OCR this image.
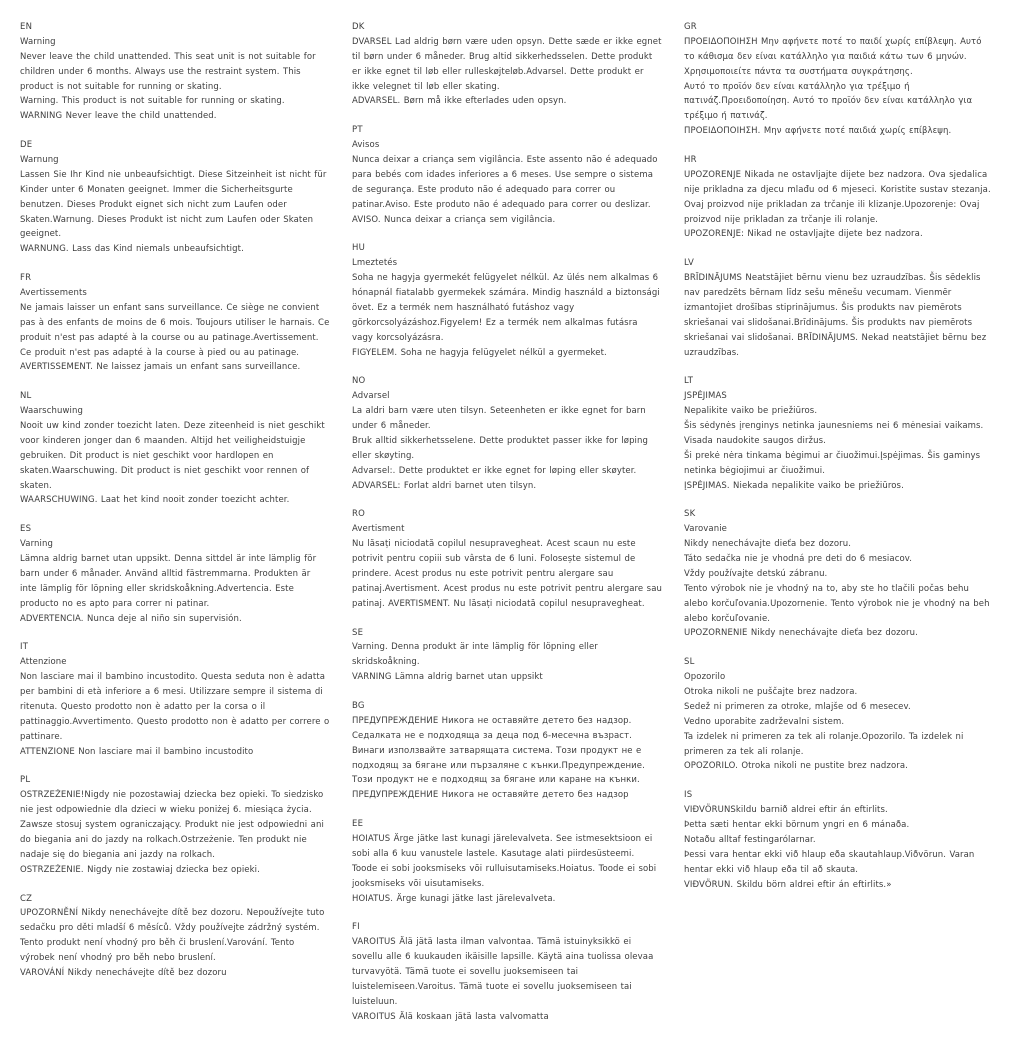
EN

Warning

Never leave the child unattended. This seat unit is not suitable for children under 6 months. Always use the restraint system. This product is not suitable for running or skating.

Warning. This product is not suitable for running or skating.

WARNING Never leave the child unattended.

DE

Warnung

Lassen Sie Ihr Kind nie unbeaufsichtigt. Diese Sitzeinheit ist nicht für Kinder unter 6 Monaten geeignet. Immer die Sicherheitsgurte benutzen. Dieses Produkt eignet sich nicht zum Laufen oder Skaten.Warnung. Dieses Produkt ist nicht zum Laufen oder Skaten geeignet.

WARNUNG. Lass das Kind niemals unbeaufsichtigt.

FR

Avertissements

Ne jamais laisser un enfant sans surveillance. Ce siège ne convient pas à des enfants de moins de 6 mois. Toujours utiliser le harnais. Ce produit n'est pas adapté à la course ou au patinage.Avertissement. Ce produit n'est pas adapté à la course à pied ou au patinage.

AVERTISSEMENT. Ne laissez jamais un enfant sans surveillance.

NL

Waarschuwing

Nooit uw kind zonder toezicht laten. Deze ziteenheid is niet geschikt voor kinderen jonger dan 6 maanden. Altijd het veiligheidstuigje gebruiken. Dit product is niet geschikt voor hardlopen en skaten.Waarschuwing. Dit product is niet geschikt voor rennen of skaten.

WAARSCHUWING. Laat het kind nooit zonder toezicht achter.

ES

Varning

Lämna aldrig barnet utan uppsikt. Denna sittdel är inte lämplig för barn under 6 månader. Använd alltid fästremmarna. Produkten är inte lämplig för löpning eller skridskoåkning.Advertencia. Este producto no es apto para correr ni patinar.

ADVERTENCIA. Nunca deje al niño sin supervisión.

IT

Attenzione

Non lasciare mai il bambino incustodito. Questa seduta non è adatta per bambini di età inferiore a 6 mesi. Utilizzare sempre il sistema di ritenuta. Questo prodotto non è adatto per la corsa o il pattinaggio.Avvertimento. Questo prodotto non è adatto per correre o pattinare.

ATTENZIONE Non lasciare mai il bambino incustodito

PL

OSTRZEŻENIE!Nigdy nie pozostawiaj dziecka bez opieki. To siedzisko nie jest odpowiednie dla dzieci w wieku poniżej 6. miesiąca życia. Zawsze stosuj system ograniczający. Produkt nie jest odpowiedni ani do biegania ani do jazdy na rolkach.Ostrzeżenie. Ten produkt nie nadaje się do biegania ani jazdy na rolkach.

OSTRZEŻENIE. Nigdy nie zostawiaj dziecka bez opieki.

CZ

UPOZORNĚNÍ Nikdy nenechávejte dítě bez dozoru. Nepoužívejte tuto sedačku pro děti mladší 6 měsíců. Vždy používejte zádržný systém. Tento produkt není vhodný pro běh či bruslení.Varování. Tento výrobek není vhodný pro běh nebo bruslení.

VAROVÁNÍ Nikdy nenechávejte dítě bez dozoru

DK

DVARSEL Lad aldrig børn være uden opsyn. Dette sæde er ikke egnet til børn under 6 måneder. Brug altid sikkerhedsselen. Dette produkt er ikke egnet til løb eller rulleskøjteløb.Advarsel. Dette produkt er ikke velegnet til løb eller skating.

ADVARSEL. Børn må ikke efterlades uden opsyn.

PT

Avisos

Nunca deixar a criança sem vigilância. Este assento não é adequado para bebés com idades inferiores a 6 meses. Use sempre o sistema de segurança. Este produto não é adequado para correr ou patinar.Aviso. Este produto não é adequado para correr ou deslizar.

AVISO. Nunca deixar a criança sem vigilância.

HU

Lmeztetés

Soha ne hagyja gyermekét felügyelet nélkül. Az ülés nem alkalmas 6 hónapnál fiatalabb gyermekek számára. Mindig használd a biztonsági övet. Ez a termék nem használható futáshoz vagy görkorcsolyázáshoz.Figyelem! Ez a termék nem alkalmas futásra vagy korcsolyázásra.

FIGYELEM. Soha ne hagyja felügyelet nélkül a gyermeket.

NO

Advarsel

La aldri barn være uten tilsyn. Seteenheten er ikke egnet for barn under 6 måneder.

Bruk alltid sikkerhetsselene. Dette produktet passer ikke for løping eller skøyting.

Advarsel:. Dette produktet er ikke egnet for løping eller skøyter.

ADVARSEL: Forlat aldri barnet uten tilsyn.

RO

Avertisment

Nu lăsați niciodată copilul nesupravegheat. Acest scaun nu este potrivit pentru copiii sub vârsta de 6 luni. Folosește sistemul de prindere. Acest produs nu este potrivit pentru alergare sau patinaj.Avertisment. Acest produs nu este potrivit pentru alergare sau patinaj. AVERTISMENT. Nu lăsați niciodată copilul nesupravegheat.

SE

Varning. Denna produkt är inte lämplig för löpning eller skridskoåkning.

VARNING Lämna aldrig barnet utan uppsikt

BG

ПРЕДУПРЕЖДЕНИЕ Никога не оставяйте детето без надзор. Седалката не е подходяща за деца под 6-месечна възраст. Винаги използвайте затварящата система. Този продукт не е подходящ за бягане или пързаляне с кънки.Предупреждение. Този продукт не е подходящ за бягане или каране на кънки.

ПРЕДУПРЕЖДЕНИЕ Никога не оставяйте детето без надзор

EE

HOIATUS Ärge jätke last kunagi järelevalveta. See istmesektsioon ei sobi alla 6 kuu vanustele lastele. Kasutage alati piirdesüsteemi. Toode ei sobi jooksmiseks või rulluisutamiseks.Hoiatus. Toode ei sobi jooksmiseks või uisutamiseks.

HOIATUS. Ärge kunagi jätke last järelevalveta.

FI

VAROITUS Älä jätä lasta ilman valvontaa. Tämä istuinyksikkö ei sovellu alle 6 kuukauden ikäisille lapsille. Käytä aina tuolissa olevaa turvavyötä. Tämä tuote ei sovellu juoksemiseen tai luistelemiseen.Varoitus. Tämä tuote ei sovellu juoksemiseen tai luisteluun.

VAROITUS Älä koskaan jätä lasta valvomatta

GR

ΠΡΟΕΙΔΟΠΟΙΗΣΗ Μην αφήνετε ποτέ το παιδί χωρίς επίβλεψη. Αυτό το κάθισμα δεν είναι κατάλληλο για παιδιά κάτω των 6 μηνών. Χρησιμοποιείτε πάντα τα συστήματα συγκράτησης.

Αυτό το προϊόν δεν είναι κατάλληλο για τρέξιμο ή πατινάζ.Προειδοποίηση. Αυτό το προϊόν δεν είναι κατάλληλο για τρέξιμο ή πατινάζ.

ΠΡΟΕΙΔΟΠΟΙΗΣΗ. Μην αφήνετε ποτέ παιδιά χωρίς επίβλεψη.

HR

UPOZORENJE Nikada ne ostavljajte dijete bez nadzora. Ova sjedalica nije prikladna za djecu mlađu od 6 mjeseci. Koristite sustav stezanja. Ovaj proizvod nije prikladan za trčanje ili klizanje.Upozorenje: Ovaj proizvod nije prikladan za trčanje ili rolanje.

UPOZORENJE: Nikad ne ostavljajte dijete bez nadzora.

LV

BRĪDINĀJUMS Neatstājiet bērnu vienu bez uzraudzības. Šis sēdeklis nav paredzēts bērnam līdz sešu mēnešu vecumam. Vienmēr izmantojiet drošības stiprinājumus. Šis produkts nav piemērots skriešanai vai slidošanai.Brīdinājums. Šis produkts nav piemērots skriešanai vai slidošanai. BRĪDINĀJUMS. Nekad neatstājiet bērnu bez uzraudzības.

LT

JSPĖJIMAS

Nepalikite vaiko be priežiūros.

Šis sėdynės įrenginys netinka jaunesniems nei 6 mėnesiai vaikams.

Visada naudokite saugos diržus.

Ši prekė nėra tinkama bėgimui ar čiuožimui.Įspėjimas. Šis gaminys netinka bėgiojimui ar čiuožimui.

ĮSPĖJIMAS. Niekada nepalikite vaiko be priežiūros.

SK

Varovanie

Nikdy nenechávajte dieťa bez dozoru.

Táto sedačka nie je vhodná pre deti do 6 mesiacov.

Vždy používajte detskú zábranu.

Tento výrobok nie je vhodný na to, aby ste ho tlačili počas behu alebo korčuľovania.Upozornenie. Tento výrobok nie je vhodný na beh alebo korčuľovanie.

UPOZORNENIE Nikdy nenechávajte dieťa bez dozoru.

SL

Opozorilo

Otroka nikoli ne puščajte brez nadzora.

Sedež ni primeren za otroke, mlajše od 6 mesecev.

Vedno uporabite zadrževalni sistem.

Ta izdelek ni primeren za tek ali rolanje.Opozorilo. Ta izdelek ni primeren za tek ali rolanje.

OPOZORILO. Otroka nikoli ne pustite brez nadzora.

IS

VIÐVÖRUNSkildu barnið aldrei eftir án eftirlits.

Þetta sæti hentar ekki börnum yngri en 6 mánaða.

Notaðu alltaf festingarólarnar.

Þessi vara hentar ekki við hlaup eða skautahlaup.Viðvörun. Varan hentar ekki við hlaup eða til að skauta.

VIÐVÖRUN. Skildu börn aldrei eftir án eftirlits.»
